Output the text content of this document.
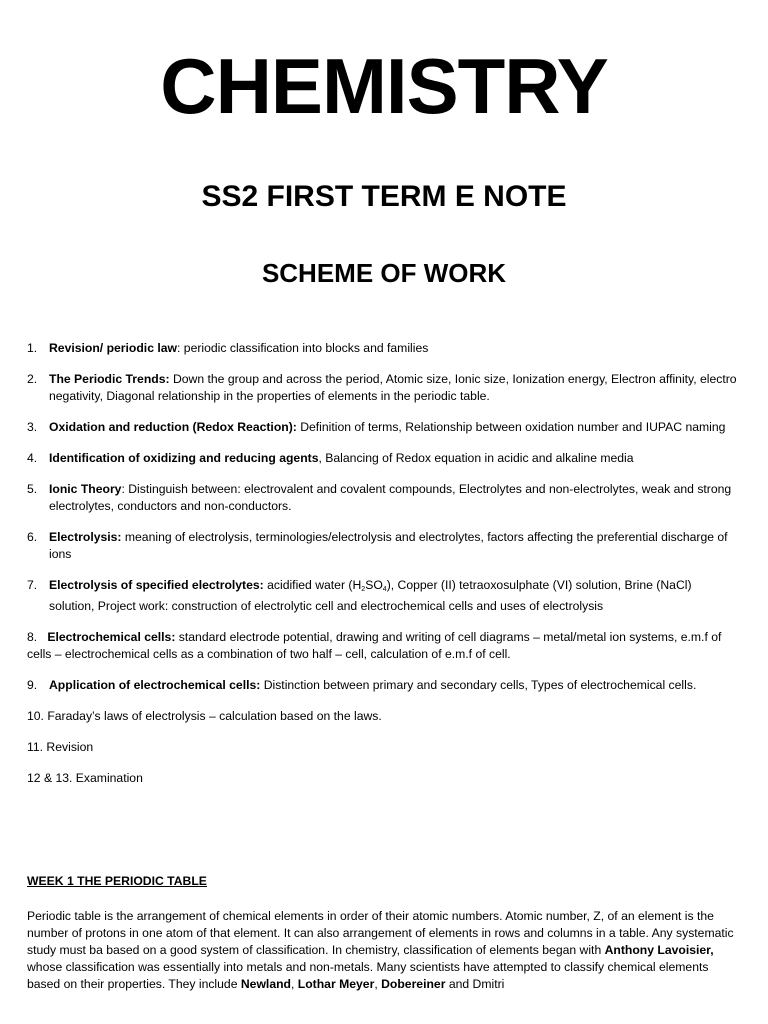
CHEMISTRY
SS2 FIRST TERM E NOTE
SCHEME OF WORK
1. Revision/ periodic law: periodic classification into blocks and families
2. The Periodic Trends: Down the group and across the period, Atomic size, Ionic size, Ionization energy, Electron affinity, electro negativity, Diagonal relationship in the properties of elements in the periodic table.
3. Oxidation and reduction (Redox Reaction): Definition of terms, Relationship between oxidation number and IUPAC naming
4. Identification of oxidizing and reducing agents, Balancing of Redox equation in acidic and alkaline media
5. Ionic Theory: Distinguish between: electrovalent and covalent compounds, Electrolytes and non-electrolytes, weak and strong electrolytes, conductors and non-conductors.
6. Electrolysis: meaning of electrolysis, terminologies/electrolysis and electrolytes, factors affecting the preferential discharge of ions
7. Electrolysis of specified electrolytes: acidified water $(H_2SO_4)$, Copper (II) tetraoxosulphate (VI) solution, Brine (NaCl) solution, Project work: construction of electrolytic cell and electrochemical cells and uses of electrolysis
8. Electrochemical cells: standard electrode potential, drawing and writing of cell diagrams – metal/metal ion systems, e.m.f of cells – electrochemical cells as a combination of two half – cell, calculation of e.m.f of cell.
9. Application of electrochemical cells: Distinction between primary and secondary cells, Types of electrochemical cells.
10. Faraday’s laws of electrolysis – calculation based on the laws.
11. Revision
12 & 13. Examination
WEEK 1 THE PERIODIC TABLE
Periodic table is the arrangement of chemical elements in order of their atomic numbers. Atomic number, Z, of an element is the number of protons in one atom of that element. It can also arrangement of elements in rows and columns in a table. Any systematic study must ba based on a good system of classification. In chemistry, classification of elements began with Anthony Lavoisier, whose classification was essentially into metals and non-metals. Many scientists have attempted to classify chemical elements based on their properties. They include Newland, Lothar Meyer, Dobereiner and Dmitri
